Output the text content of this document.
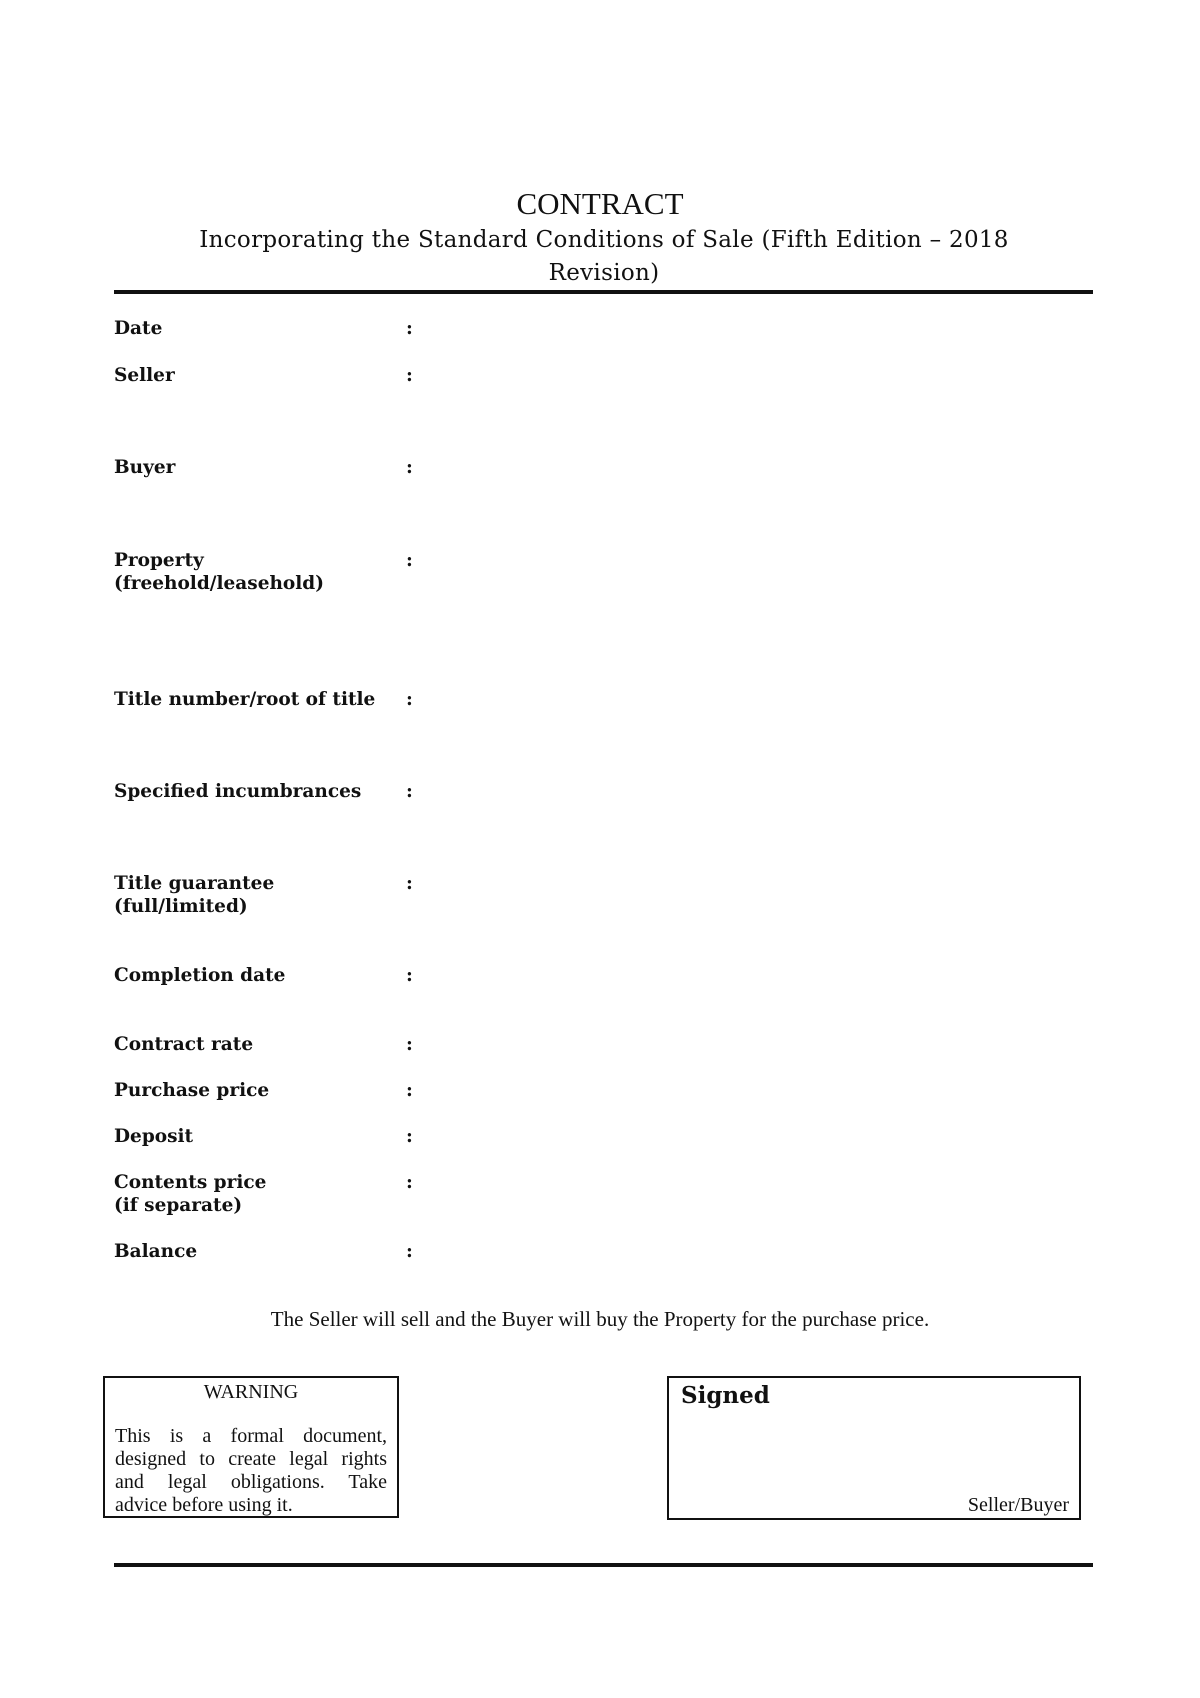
CONTRACT
Incorporating the Standard Conditions of Sale (Fifth Edition – 2018 Revision)
Date	:
Seller	:
Buyer	:
Property
(freehold/leasehold)
:
Title number/root of title	:
Specified incumbrances	:
Title guarantee
(full/limited)
:
Completion date	:
Contract rate	:
Purchase price	:
Deposit	:
Contents price
(if separate)
:
Balance	:
The Seller will sell and the Buyer will buy the Property for the purchase price.
WARNING
This is a formal document, designed to create legal rights and legal obligations. Take advice before using it.
Signed
Seller/Buyer
